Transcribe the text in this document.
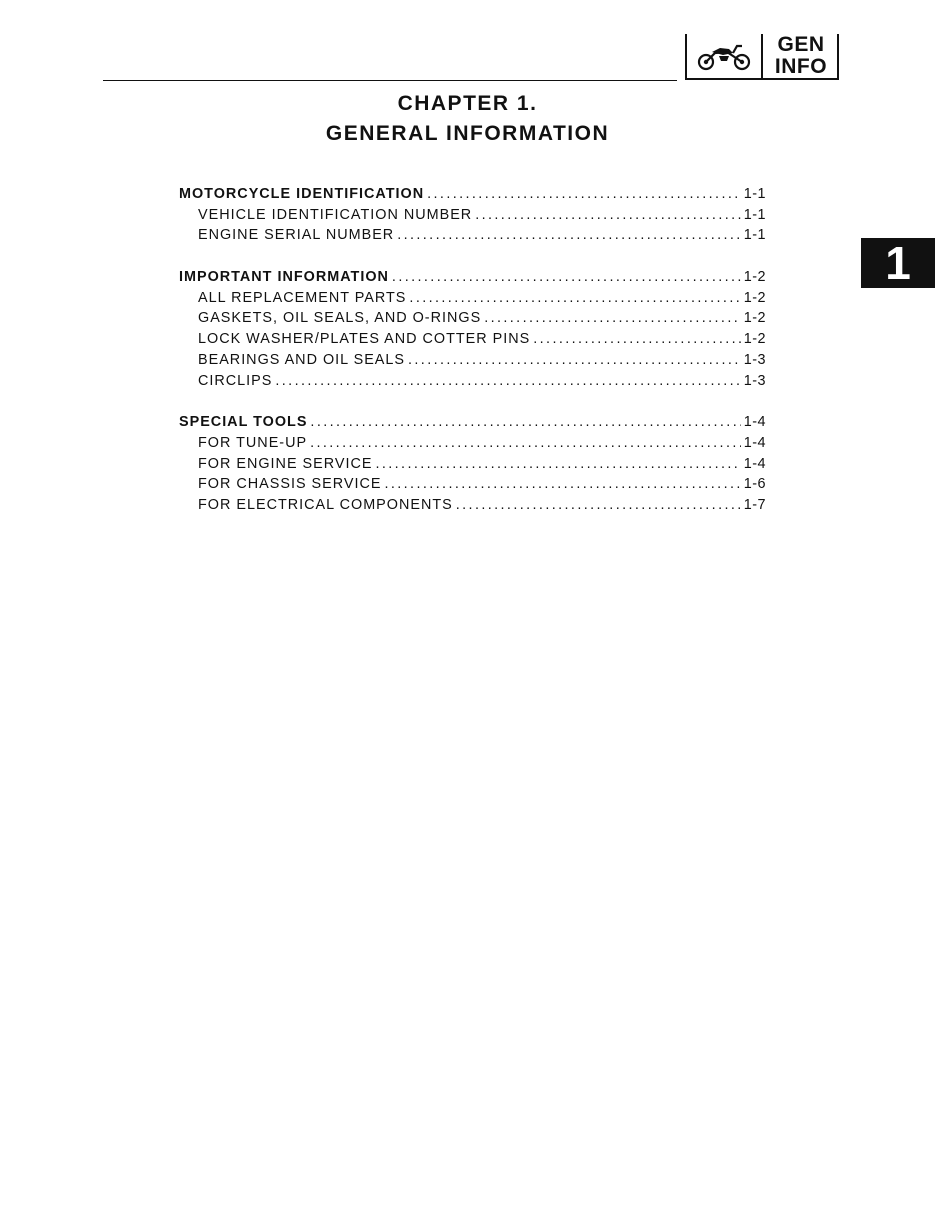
GEN
INFO
CHAPTER 1.
GENERAL INFORMATION
1
MOTORCYCLE IDENTIFICATION .....	1-1
VEHICLE IDENTIFICATION NUMBER .....	1-1
ENGINE SERIAL NUMBER .....	1-1
IMPORTANT INFORMATION .....	1-2
ALL REPLACEMENT PARTS .....	1-2
GASKETS, OIL SEALS, AND O-RINGS .....	1-2
LOCK WASHER/PLATES AND COTTER PINS .....	1-2
BEARINGS AND OIL SEALS .....	1-3
CIRCLIPS .....	1-3
SPECIAL TOOLS .....	1-4
FOR TUNE-UP .....	1-4
FOR ENGINE SERVICE .....	1-4
FOR CHASSIS SERVICE .....	1-6
FOR ELECTRICAL COMPONENTS .....	1-7
